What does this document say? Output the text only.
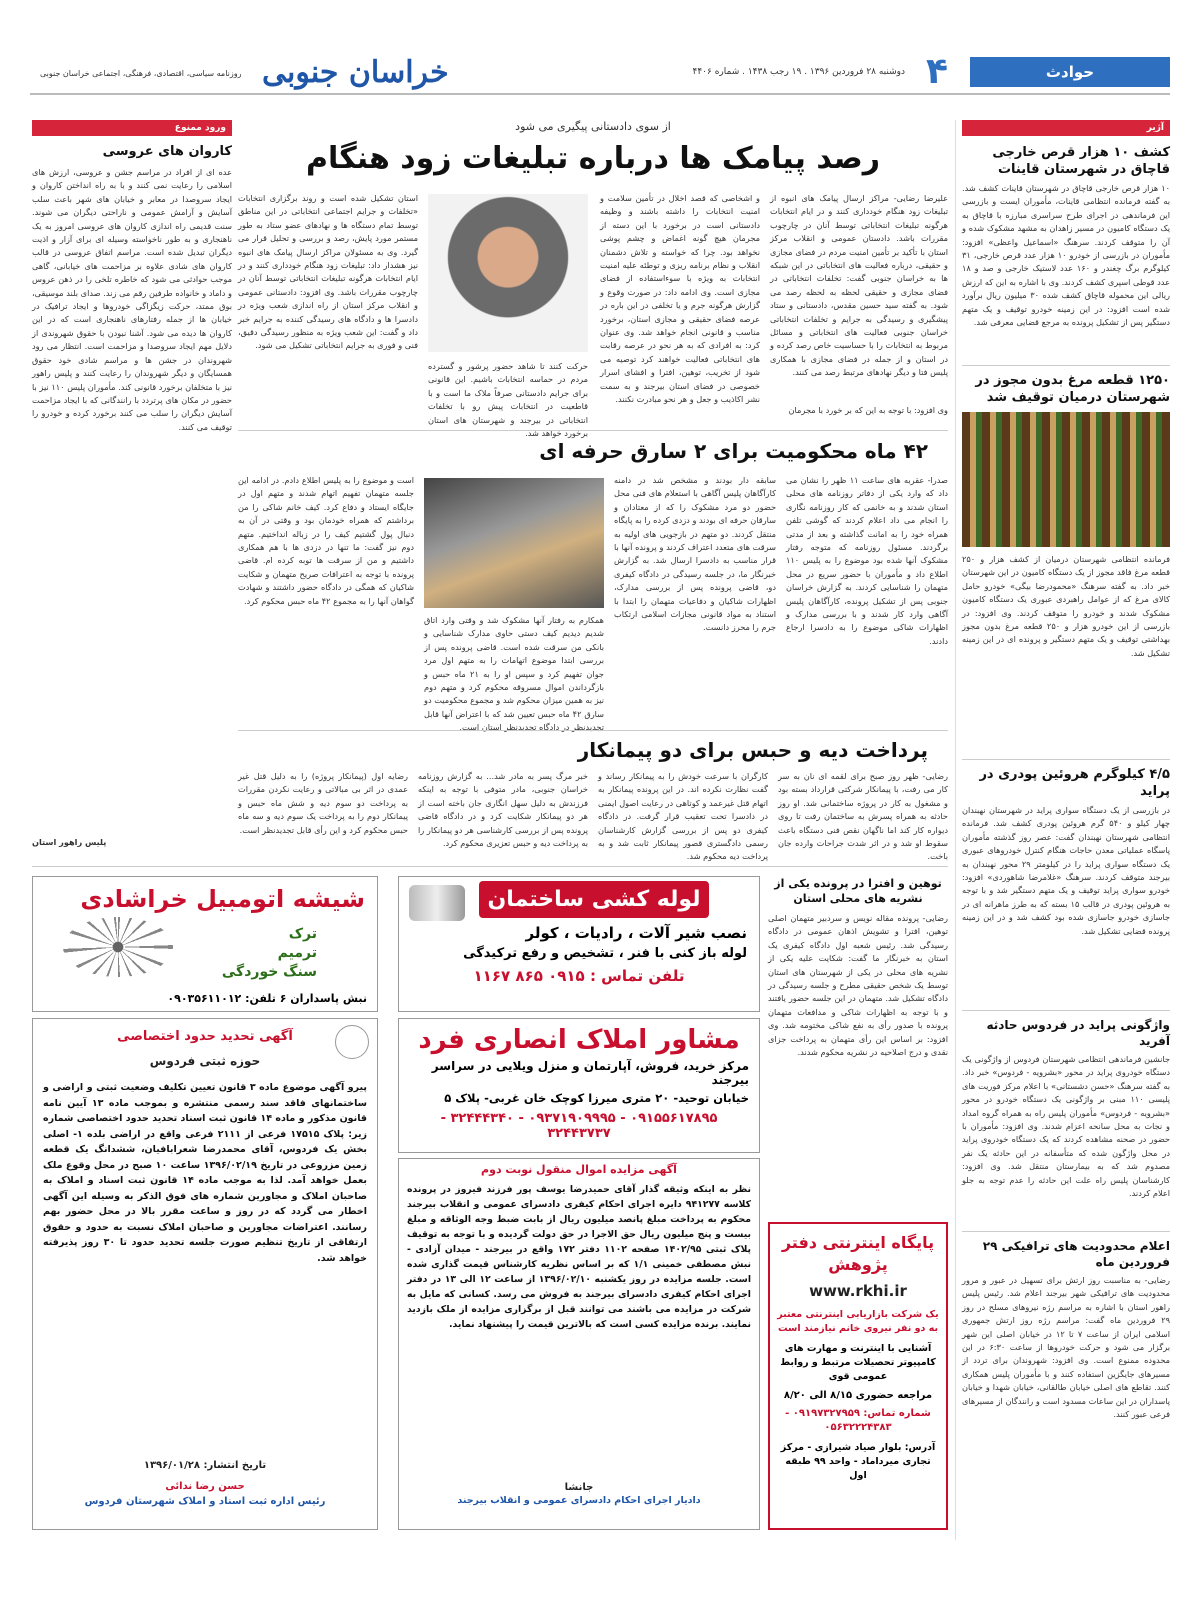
حوادث
۴
دوشنبه ۲۸ فروردین ۱۳۹۶ . ۱۹ رجب ۱۴۳۸ . شماره ۴۴۰۶
خراسان جنوبی
روزنامه سیاسی، اقتصادی، فرهنگی، اجتماعی خراسان جنوبی
آژیر
کشف ۱۰ هزار قرص خارجی قاچاق در شهرستان قاینات
۱۰ هزار قرص خارجی قاچاق در شهرستان قاینات کشف شد. به گفته فرمانده انتظامی قاینات، مأموران ایست و بازرسی این فرماندهی در اجرای طرح سراسری مبارزه با قاچاق به یک دستگاه کامیون در مسیر زاهدان به مشهد مشکوک شده و آن را متوقف کردند. سرهنگ «اسماعیل واعظی» افزود: مأموران در بازرسی از خودرو ۱۰ هزار عدد قرص خارجی، ۳۱ کیلوگرم برگ چغندر و ۱۶۰ عدد لاستیک خارجی و صد و ۱۸ عدد قوطی اسپری کشف کردند. وی با اشاره به این که ارزش ریالی این محموله قاچاق کشف شده ۳۰ میلیون ریال برآورد شده است افزود: در این زمینه خودرو توقیف و یک متهم دستگیر پس از تشکیل پرونده به مرجع قضایی معرفی شد.
۱۲۵۰ قطعه مرغ بدون مجوز در شهرستان درمیان توقیف شد
فرمانده انتظامی شهرستان درمیان از کشف هزار و ۲۵۰ قطعه مرغ فاقد مجوز از یک دستگاه کامیون در این شهرستان خبر داد. به گفته سرهنگ «محمودرضا بیگی» خودرو حامل کالای مرغ که از عوامل راهبردی عبوری یک دستگاه کامیون مشکوک شدند و خودرو را متوقف کردند. وی افزود: در بازرسی از این خودرو هزار و ۲۵۰ قطعه مرغ بدون مجوز بهداشتی توقیف و یک متهم دستگیر و پرونده ای در این زمینه تشکیل شد.
۴/۵ کیلوگرم هروئین پودری در پراید
در بازرسی از یک دستگاه سواری پراید در شهرستان نهبندان چهار کیلو و ۵۴۰ گرم هروئین پودری کشف شد. فرمانده انتظامی شهرستان نهبندان گفت: عصر روز گذشته مأموران پاسگاه عملیاتی معدن حاجات هنگام کنترل خودروهای عبوری یک دستگاه سواری پراید را در کیلومتر ۲۹ محور نهبندان به بیرجند متوقف کردند. سرهنگ «غلامرضا شاهوردی» افزود: خودرو سواری پراید توقیف و یک متهم دستگیر شد و با توجه به هروئین پودری در قالب ۱۵ بسته که به طرز ماهرانه ای در جاسازی خودرو جاسازی شده بود کشف شد و در این زمینه پرونده قضایی تشکیل شد.
واژگونی پراید در فردوس حادثه آفرید
جانشین فرماندهی انتظامی شهرستان فردوس از واژگونی یک دستگاه خودروی پراید در محور «بشرویه - فردوس» خبر داد. به گفته سرهنگ «حسن دشستانی» با اعلام مرکز فوریت های پلیسی ۱۱۰ مبنی بر واژگونی یک دستگاه خودرو در محور «بشرویه - فردوس» مأموران پلیس راه به همراه گروه امداد و نجات به محل سانحه اعزام شدند. وی افزود: مأموران با حضور در صحنه مشاهده کردند که یک دستگاه خودروی پراید در محل واژگون شده که متأسفانه در این حادثه یک نفر مصدوم شد که به بیمارستان منتقل شد. وی افزود: کارشناسان پلیس راه علت این حادثه را عدم توجه به جلو اعلام کردند.
اعلام محدودیت های ترافیکی ۲۹ فروردین ماه
رضایی- به مناسبت روز ارتش برای تسهیل در عبور و مرور محدودیت های ترافیکی شهر بیرجند اعلام شد. رئیس پلیس راهور استان با اشاره به مراسم رژه نیروهای مسلح در روز ۲۹ فروردین ماه گفت: مراسم رژه روز ارتش جمهوری اسلامی ایران از ساعت ۷ تا ۱۲ در خیابان اصلی این شهر برگزار می شود و حرکت خودروها از ساعت ۶:۳۰ در این محدوده ممنوع است. وی افزود: شهروندان برای تردد از مسیرهای جایگزین استفاده کنند و با مأموران پلیس همکاری کنند. تقاطع های اصلی خیابان طالقانی، خیابان شهدا و خیابان پاسداران در این ساعات مسدود است و رانندگان از مسیرهای فرعی عبور کنند.
از سوی دادستانی پیگیری می شود
رصد پیامک ها درباره تبلیغات زود هنگام
علیرضا رضایی- مراکز ارسال پیامک های انبوه از تبلیغات زود هنگام خودداری کنند و در ایام انتخابات هرگونه تبلیغات انتخاباتی توسط آنان در چارچوب مقررات باشد. دادستان عمومی و انقلاب مرکز استان با تأکید بر تأمین امنیت مردم در فضای مجازی و حقیقی، درباره فعالیت های انتخاباتی در این شبکه ها به خراسان جنوبی گفت: تخلفات انتخاباتی در فضای مجازی و حقیقی لحظه به لحظه رصد می شود. به گفته سید حسین مقدس، دادستانی و ستاد پیشگیری و رسیدگی به جرایم و تخلفات انتخاباتی خراسان جنوبی فعالیت های انتخاباتی و مسائل مربوط به انتخابات را با حساسیت خاص رصد کرده و در استان و از جمله در فضای مجازی با همکاری پلیس فتا و دیگر نهادهای مرتبط رصد می کنند.
و اشخاصی که قصد اخلال در تأمین سلامت و امنیت انتخابات را داشته باشند و وظیفه دادستانی است در برخورد با این دسته از مجرمان هیچ گونه اغماض و چشم پوشی نخواهد بود. چرا که خواسته و تلاش دشمنان انقلاب و نظام برنامه ریزی و توطئه علیه امنیت انتخابات به ویژه با سوءاستفاده از فضای مجازی است. وی ادامه داد: در صورت وقوع و گزارش هرگونه جرم و یا تخلفی در این باره در عرصه فضای حقیقی و مجازی استان، برخورد مناسب و قانونی انجام خواهد شد. وی عنوان کرد: به افرادی که به هر نحو در عرصه رقابت های انتخاباتی فعالیت خواهند کرد توصیه می شود از تخریب، توهین، افترا و افشای اسرار خصوصی در فضای استان بیرجند و به سمت نشر اکاذیب و جعل و هر نحو مبادرت نکنند.
حرکت کنند تا شاهد حضور پرشور و گسترده مردم در حماسه انتخابات باشیم. این قانونی برای جرایم دادستانی صرفاً ملاک ما است و با قاطعیت در انتخابات پیش رو با تخلفات انتخاباتی در بیرجند و شهرستان های استان برخورد خواهد شد.
استان تشکیل شده است و روند برگزاری انتخابات «تخلفات و جرایم اجتماعی انتخاباتی در این مناطق توسط تمام دستگاه ها و نهادهای عضو ستاد به طور مستمر مورد پایش، رصد و بررسی و تحلیل قرار می گیرد. وی به مسئولان مراکز ارسال پیامک های انبوه نیز هشدار داد: تبلیغات زود هنگام خودداری کنند و در ایام انتخابات هرگونه تبلیغات انتخاباتی توسط آنان در چارچوب مقررات باشد. وی افزود: دادستانی عمومی و انقلاب مرکز استان از راه اندازی شعب ویژه در دادسرا ها و دادگاه های رسیدگی کننده به جرایم خبر داد و گفت: این شعب ویژه به منظور رسیدگی دقیق، فنی و فوری به جرایم انتخاباتی تشکیل می شود.
وی افزود: با توجه به این که بر خورد با مجرمان
۴۲ ماه محکومیت برای ۲ سارق حرفه ای
صدرا- عقربه های ساعت ۱۱ ظهر را نشان می داد که وارد یکی از دفاتر روزنامه های محلی استان شدند و به خانمی که کار روزنامه نگاری را انجام می داد اعلام کردند که گوشی تلفن همراه خود را به امانت گذاشته و بعد از مدتی برگردند. مسئول روزنامه که متوجه رفتار مشکوک آنها شده بود موضوع را به پلیس ۱۱۰ اطلاع داد و مأموران با حضور سریع در محل متهمان را شناسایی کردند. به گزارش خراسان جنوبی پس از تشکیل پرونده، کارآگاهان پلیس آگاهی وارد کار شدند و با بررسی مدارک و اظهارات شاکی موضوع را به دادسرا ارجاع دادند.
سابقه دار بودند و مشخص شد در دامنه کارآگاهان پلیس آگاهی با استعلام های فنی محل حضور دو مرد مشکوک را که از معتادان و سارقان حرفه ای بودند و دزدی کرده را به پایگاه منتقل کردند. دو متهم در بازجویی های اولیه به سرقت های متعدد اعتراف کردند و پرونده آنها با قرار مناسب به دادسرا ارسال شد. به گزارش خبرنگار ما، در جلسه رسیدگی در دادگاه کیفری دو، قاضی پرونده پس از بررسی مدارک، اظهارات شاکیان و دفاعیات متهمان را ابتدا با استناد به مواد قانونی مجازات اسلامی ارتکاب جرم را محرز دانست.
همکارم به رفتار آنها مشکوک شد و وقتی وارد اتاق شدیم دیدیم کیف دستی حاوی مدارک شناسایی و بانکی من سرقت شده است. قاضی پرونده پس از بررسی ابتدا موضوع اتهامات را به متهم اول مرد جوان تفهیم کرد و سپس او را به ۲۱ ماه حبس و بازگرداندن اموال مسروقه محکوم کرد و متهم دوم نیز به همین میزان محکوم شد و مجموع محکومیت دو سارق ۴۲ ماه حبس تعیین شد که با اعتراض آنها قابل تجدیدنظر در دادگاه تجدیدنظر استان است.
است و موضوع را به پلیس اطلاع دادم. در ادامه این جلسه متهمان تفهیم اتهام شدند و متهم اول در جایگاه ایستاد و دفاع کرد. کیف خانم شاکی را من برداشتم که همراه خودمان بود و وقتی در آن به دنبال پول گشتیم کیف را در زباله انداختیم. متهم دوم نیز گفت: ما تنها در دزدی ها با هم همکاری داشتیم و من از سرقت ها توبه کرده ام. قاضی پرونده با توجه به اعترافات صریح متهمان و شکایت شاکیان که همگی در دادگاه حضور داشتند و شهادت گواهان آنها را به مجموع ۴۲ ماه حبس محکوم کرد.
پرداخت دیه و حبس برای دو پیمانکار
رضایی- ظهر روز صبح برای لقمه ای نان به سر کار می رفت، با پیمانکار شرکتی قرارداد بسته بود و مشغول به کار در پروژه ساختمانی شد. او روز حادثه به همراه پسرش به ساختمان رفت تا روی دیواره کار کند اما ناگهان نقص فنی دستگاه باعث سقوط او شد و در اثر شدت جراحات وارده جان باخت.
کارگران با سرعت خودش را به پیمانکار رساند و گفت نظارت نکرده اند. در این پرونده پیمانکار به اتهام قتل غیرعمد و کوتاهی در رعایت اصول ایمنی در دادسرا تحت تعقیب قرار گرفت. در دادگاه کیفری دو پس از بررسی گزارش کارشناسان رسمی دادگستری قصور پیمانکار ثابت شد و به پرداخت دیه محکوم شد.
خبر مرگ پسر به مادر شد... به گزارش روزنامه خراسان جنوبی، مادر متوفی با توجه به اینکه فرزندش به دلیل سهل انگاری جان باخته است از هر دو پیمانکار شکایت کرد و در دادگاه قاضی پرونده پس از بررسی کارشناسی هر دو پیمانکار را به پرداخت دیه و حبس تعزیری محکوم کرد.
رضایه اول (پیمانکار پروژه) را به دلیل قتل غیر عمدی در اثر بی مبالاتی و رعایت نکردن مقررات به پرداخت دو سوم دیه و شش ماه حبس و پیمانکار دوم را به پرداخت یک سوم دیه و سه ماه حبس محکوم کرد و این رأی قابل تجدیدنظر است.
ورود ممنوع
کاروان های عروسی
عده ای از افراد در مراسم جشن و عروسی، ارزش های اسلامی را رعایت نمی کنند و با به راه انداختن کاروان و ایجاد سروصدا در معابر و خیابان های شهر باعث سلب آسایش و آرامش عمومی و ناراحتی دیگران می شوند. سنت قدیمی راه اندازی کاروان های عروسی امروز به یک ناهنجاری و به طور ناخواسته وسیله ای برای آزار و اذیت دیگران تبدیل شده است. مراسم اتفاق عروسی در قالب کاروان های شادی علاوه بر مزاحمت های خیابانی، گاهی موجب حوادثی می شود که خاطره تلخی را در ذهن عروس و داماد و خانواده طرفین رقم می زند. صدای بلند موسیقی، بوق ممتد، حرکت زیگزاگی خودروها و ایجاد ترافیک در خیابان ها از جمله رفتارهای ناهنجاری است که در این کاروان ها دیده می شود. آشنا نبودن با حقوق شهروندی از دلایل مهم ایجاد سروصدا و مزاحمت است. انتظار می رود شهروندان در جشن ها و مراسم شادی خود حقوق همسایگان و دیگر شهروندان را رعایت کنند و پلیس راهور نیز با متخلفان برخورد قانونی کند. مأموران پلیس ۱۱۰ نیز با حضور در مکان های پرتردد با رانندگانی که با ایجاد مزاحمت آسایش دیگران را سلب می کنند برخورد کرده و خودرو را توقیف می کنند.
پلیس راهور استان
توهین و افترا در پرونده یکی از نشریه های محلی استان
رضایی- پرونده مقاله نویس و سردبیر متهمان اصلی توهین، افترا و تشویش اذهان عمومی در دادگاه رسیدگی شد. رئیس شعبه اول دادگاه کیفری یک استان به خبرنگار ما گفت: شکایت علیه یکی از نشریه های محلی در یکی از شهرستان های استان توسط یک شخص حقیقی مطرح و جلسه رسیدگی در دادگاه تشکیل شد. متهمان در این جلسه حضور یافتند و با توجه به اظهارات شاکی و مدافعات متهمان پرونده با صدور رأی به نفع شاکی مختومه شد. وی افزود: بر اساس این رأی متهمان به پرداخت جزای نقدی و درج اصلاحیه در نشریه محکوم شدند.
شیشه اتومبیل خراشادی
ترک
ترمیم
سنگ خوردگی
نبش پاسداران ۶ تلفن: ۰۹۰۳۵۶۱۱۰۱۲
لوله کشی ساختمان
نصب شیر آلات ، رادیات ، کولر
لوله باز کنی با فنر ، تشخیص و رفع ترکیدگی
تلفن تماس : ۰۹۱۵ ۸۶۵ ۱۱۶۷
مشاور املاک انصاری فرد
مرکز خرید، فروش، آپارتمان و منزل ویلایی در سراسر بیرجند
خیابان توحید- ۲۰ متری میرزا کوچک خان غربی- پلاک ۵
۰۹۱۵۵۶۱۷۸۹۵ - ۰۹۳۷۱۹۰۹۹۹۵ - ۳۲۴۴۴۳۴۰ - ۳۲۴۴۳۷۳۷
آگهی تحدید حدود اختصاصی
حوزه ثبتی فردوس
پیرو آگهی موضوع ماده ۳ قانون تعیین تکلیف وضعیت ثبتی و اراضی و ساختمانهای فاقد سند رسمی منتشره و بموجب ماده ۱۳ آیین نامه قانون مذکور و ماده ۱۴ قانون ثبت اسناد تحدید حدود اختصاصی شماره زیر: پلاک ۱۷۵۱۵ فرعی از ۲۱۱۱ فرعی واقع در اراضی بلده ۱- اصلی بخش یک فردوس، آقای محمدرضا شعرابافیان، ششدانگ یک قطعه زمین مزروعی در تاریخ ۱۳۹۶/۰۲/۱۹ ساعت ۱۰ صبح در محل وقوع ملک بعمل خواهد آمد. لذا به موجب ماده ۱۴ قانون ثبت اسناد و املاک به صاحبان املاک و مجاورین شماره های فوق الذکر به وسیله این آگهی اخطار می گردد که در روز و ساعت مقرر بالا در محل حضور بهم رسانند. اعتراضات مجاورین و صاحبان املاک نسبت به حدود و حقوق ارتفاقی از تاریخ تنظیم صورت جلسه تحدید حدود تا ۳۰ روز پذیرفته خواهد شد.
تاریخ انتشار: ۱۳۹۶/۰۱/۲۸
حسن رضا ندائی
رئیس اداره ثبت اسناد و املاک شهرستان فردوس
آگهی مزایده اموال منقول نوبت دوم
نظر به اینکه وثیقه گذار آقای حمیدرضا یوسف پور فرزند فیروز در پرونده کلاسه ۹۴۱۲۷۷ دایره اجرای احکام کیفری دادسرای عمومی و انقلاب بیرجند محکوم به پرداخت مبلغ پانصد میلیون ریال از بابت ضبط وجه الوثاقه و مبلغ بیست و پنج میلیون ریال حق الاجرا در حق دولت گردیده و با توجه به توقیف پلاک ثبتی ۱۴۰۲/۹۵ صفحه ۱۱۰۲ دفتر ۱۷۲ واقع در بیرجند - میدان آزادی - نبش مصطفی خمینی ۱/۱ که بر اساس نظریه کارشناس قیمت گذاری شده است. جلسه مزایده در روز یکشنبه ۱۳۹۶/۰۲/۱۰ از ساعت ۱۲ الی ۱۳ در دفتر اجرای احکام کیفری دادسرای بیرجند به فروش می رسد. کسانی که مایل به شرکت در مزایده می باشند می توانند قبل از برگزاری مزایده از ملک بازدید نمایند. برنده مزایده کسی است که بالاترین قیمت را پیشنهاد نماید.
جانشا
دادیار اجرای احکام دادسرای عمومی و انقلاب بیرجند
پایگاه اینترنتی دفتر پژوهش
www.rkhi.ir
یک شرکت بازاریابی اینترنتی معتبر به دو نفر نیروی خانم نیازمند است
آشنایی با اینترنت و مهارت های کامپیوتر تحصیلات مرتبط و روابط عمومی قوی
مراجعه حضوری ۸/۱۵ الی ۸/۲۰
شماره تماس: ۰۹۱۹۷۳۲۷۹۵۹ - ۰۵۶۳۲۲۲۴۳۸۳
آدرس: بلوار صیاد شیرازی - مرکز تجاری میرداماد - واحد ۹۹ طبقه اول
